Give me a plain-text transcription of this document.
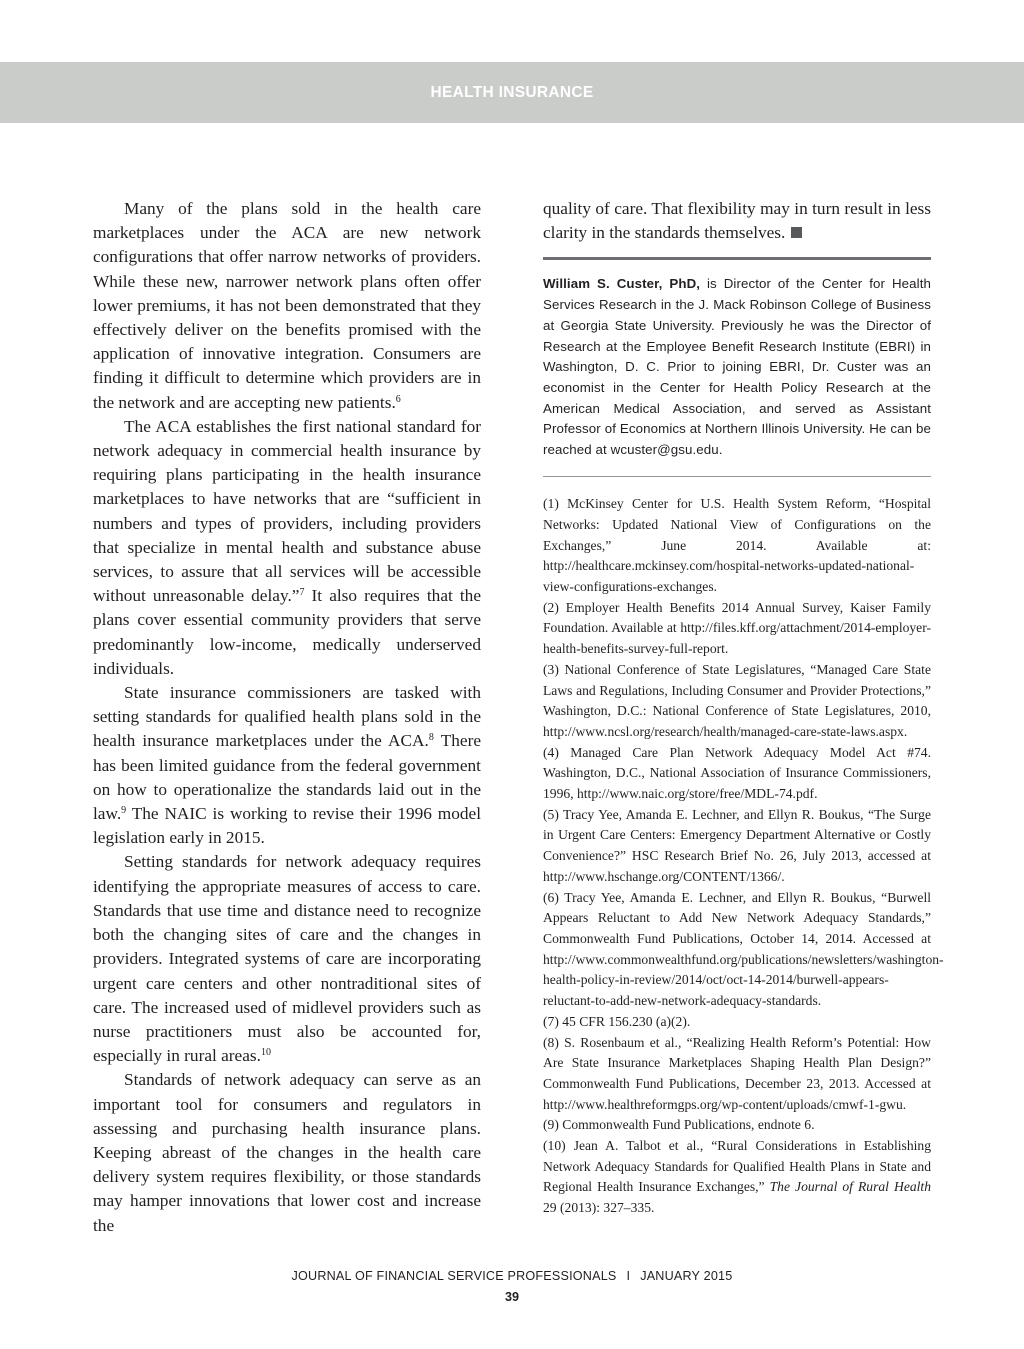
HEALTH INSURANCE

Many of the plans sold in the health care marketplaces under the ACA are new network configurations that offer narrow networks of providers. While these new, narrower network plans often offer lower premiums, it has not been demonstrated that they effectively deliver on the benefits promised with the application of innovative integration. Consumers are finding it difficult to determine which providers are in the network and are accepting new patients.$^6$

The ACA establishes the first national standard for network adequacy in commercial health insurance by requiring plans participating in the health insurance marketplaces to have networks that are “sufficient in numbers and types of providers, including providers that specialize in mental health and substance abuse services, to assure that all services will be accessible without unreasonable delay.”$^7$ It also requires that the plans cover essential community providers that serve predominantly low-income, medically underserved individuals.

State insurance commissioners are tasked with setting standards for qualified health plans sold in the health insurance marketplaces under the ACA.$^8$ There has been limited guidance from the federal government on how to operationalize the standards laid out in the law.$^9$ The NAIC is working to revise their 1996 model legislation early in 2015.

Setting standards for network adequacy requires identifying the appropriate measures of access to care. Standards that use time and distance need to recognize both the changing sites of care and the changes in providers. Integrated systems of care are incorporating urgent care centers and other nontraditional sites of care. The increased used of midlevel providers such as nurse practitioners must also be accounted for, especially in rural areas.$^{10}$

Standards of network adequacy can serve as an important tool for consumers and regulators in assessing and purchasing health insurance plans. Keeping abreast of the changes in the health care delivery system requires flexibility, or those standards may hamper innovations that lower cost and increase the

quality of care. That flexibility may in turn result in less clarity in the standards themselves.

William S. Custer, PhD, is Director of the Center for Health Services Research in the J. Mack Robinson College of Business at Georgia State University. Previously he was the Director of Research at the Employee Benefit Research Institute (EBRI) in Washington, D. C. Prior to joining EBRI, Dr. Custer was an economist in the Center for Health Policy Research at the American Medical Association, and served as Assistant Professor of Economics at Northern Illinois University. He can be reached at wcuster@gsu.edu.

(1) McKinsey Center for U.S. Health System Reform, “Hospital Networks: Updated National View of Configurations on the Exchanges,” June 2014. Available at: http://healthcare.mckinsey.com/hospital-networks-updated-national-view-configurations-exchanges.

(2) Employer Health Benefits 2014 Annual Survey, Kaiser Family Foundation. Available at http://files.kff.org/attachment/2014-employer-health-benefits-survey-full-report.

(3) National Conference of State Legislatures, “Managed Care State Laws and Regulations, Including Consumer and Provider Protections,” Washington, D.C.: National Conference of State Legislatures, 2010, http://www.ncsl.org/research/health/managed-care-state-laws.aspx.

(4) Managed Care Plan Network Adequacy Model Act #74. Washington, D.C., National Association of Insurance Commissioners, 1996, http://www.naic.org/store/free/MDL-74.pdf.

(5) Tracy Yee, Amanda E. Lechner, and Ellyn R. Boukus, “The Surge in Urgent Care Centers: Emergency Department Alternative or Costly Convenience?” HSC Research Brief No. 26, July 2013, accessed at http://www.hschange.org/CONTENT/1366/.

(6) Tracy Yee, Amanda E. Lechner, and Ellyn R. Boukus, “Burwell Appears Reluctant to Add New Network Adequacy Standards,” Commonwealth Fund Publications, October 14, 2014. Accessed at http://www.commonwealthfund.org/publications/newsletters/washington-health-policy-in-review/2014/oct/oct-14-2014/burwell-appears-reluctant-to-add-new-network-adequacy-standards.

(7) 45 CFR 156.230 (a)(2).

(8) S. Rosenbaum et al., “Realizing Health Reform’s Potential: How Are State Insurance Marketplaces Shaping Health Plan Design?” Commonwealth Fund Publications, December 23, 2013. Accessed at http://www.healthreformgps.org/wp-content/uploads/cmwf-1-gwu.

(9) Commonwealth Fund Publications, endnote 6.

(10) Jean A. Talbot et al., “Rural Considerations in Establishing Network Adequacy Standards for Qualified Health Plans in State and Regional Health Insurance Exchanges,” The Journal of Rural Health 29 (2013): 327–335.

JOURNAL OF FINANCIAL SERVICE PROFESSIONALS I JANUARY 2015
39
